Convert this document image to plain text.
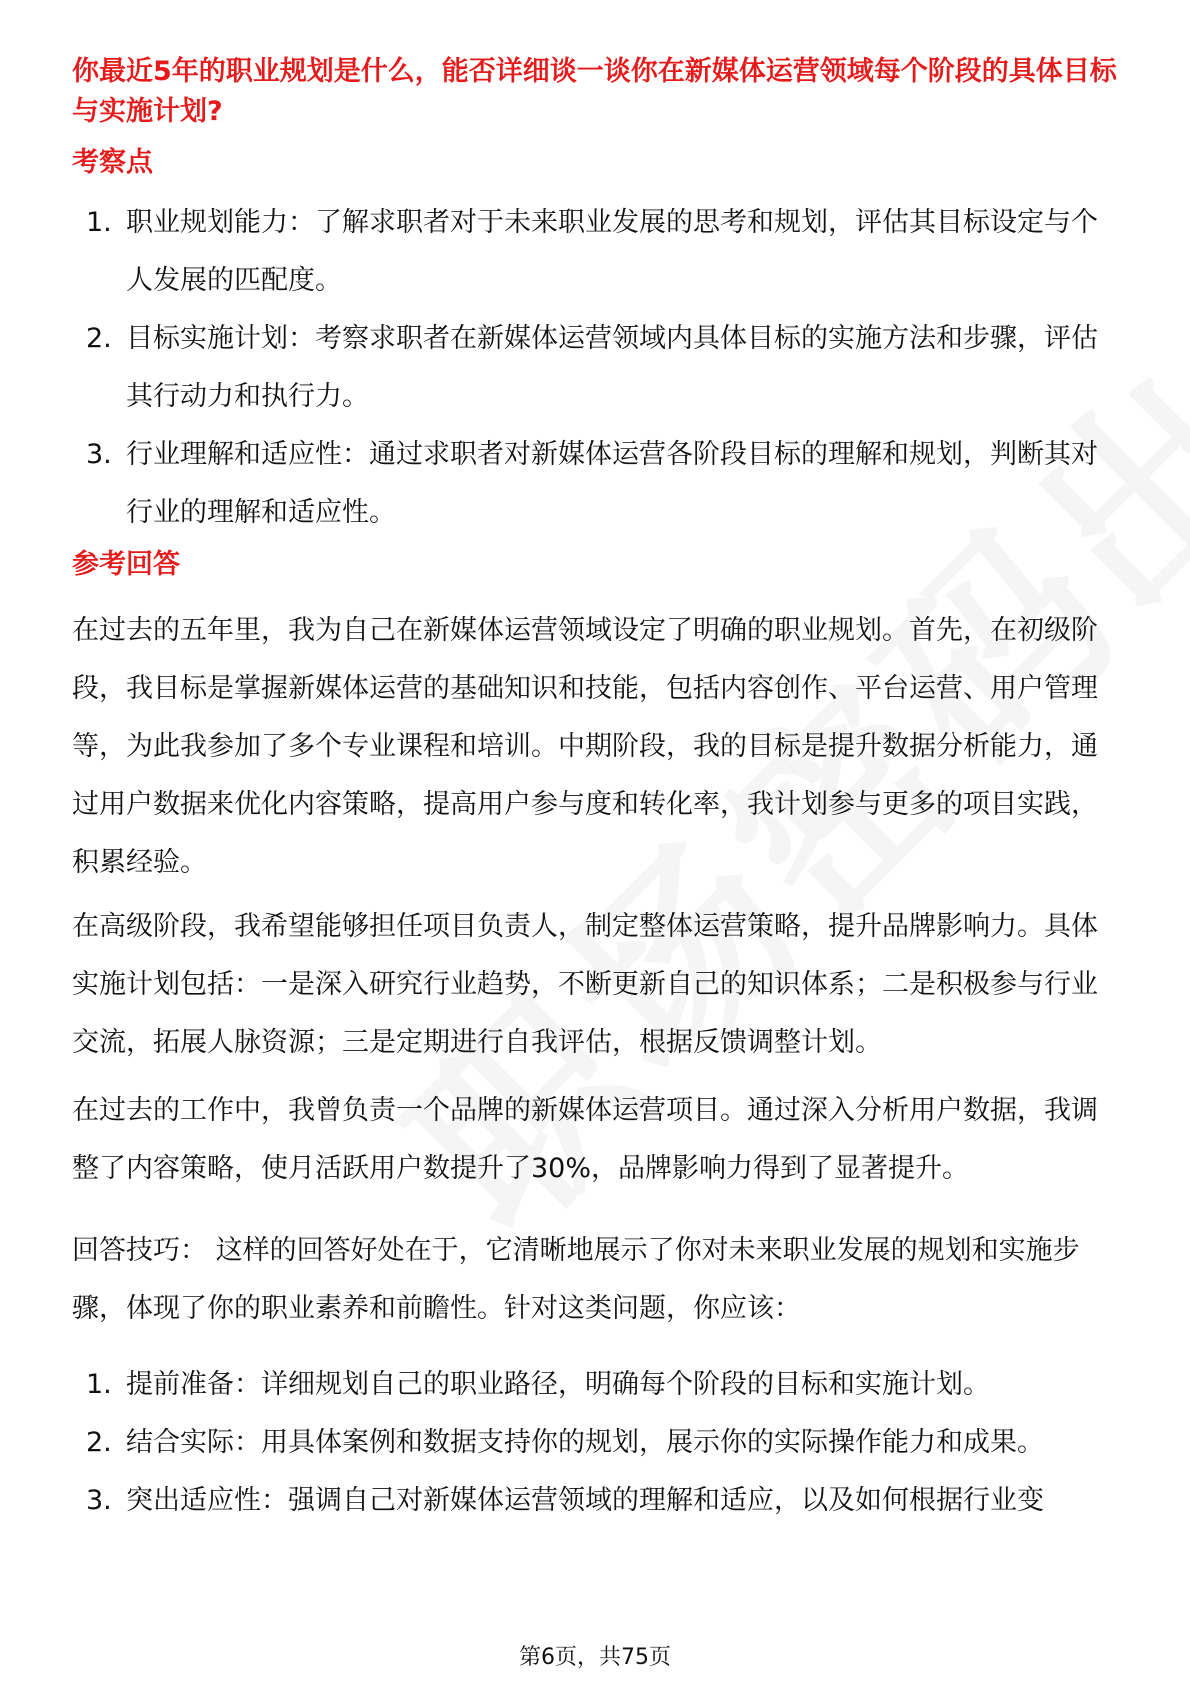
你最近5年的职业规划是什么，能否详细谈一谈你在新媒体运营领域每个阶段的具体目标与实施计划?
考察点
1. 职业规划能力：了解求职者对于未来职业发展的思考和规划，评估其目标设定与个人发展的匹配度。
2. 目标实施计划：考察求职者在新媒体运营领域内具体目标的实施方法和步骤，评估其行动力和执行力。
3. 行业理解和适应性：通过求职者对新媒体运营各阶段目标的理解和规划，判断其对行业的理解和适应性。
参考回答
在过去的五年里，我为自己在新媒体运营领域设定了明确的职业规划。首先，在初级阶段，我目标是掌握新媒体运营的基础知识和技能，包括内容创作、平台运营、用户管理等，为此我参加了多个专业课程和培训。中期阶段，我的目标是提升数据分析能力，通过用户数据来优化内容策略，提高用户参与度和转化率，我计划参与更多的项目实践，积累经验。
在高级阶段，我希望能够担任项目负责人，制定整体运营策略，提升品牌影响力。具体实施计划包括：一是深入研究行业趋势，不断更新自己的知识体系；二是积极参与行业交流，拓展人脉资源；三是定期进行自我评估，根据反馈调整计划。
在过去的工作中，我曾负责一个品牌的新媒体运营项目。通过深入分析用户数据，我调整了内容策略，使月活跃用户数提升了30%，品牌影响力得到了显著提升。
回答技巧： 这样的回答好处在于，它清晰地展示了你对未来职业发展的规划和实施步骤，体现了你的职业素养和前瞻性。针对这类问题，你应该：
1. 提前准备：详细规划自己的职业路径，明确每个阶段的目标和实施计划。
2. 结合实际：用具体案例和数据支持你的规划，展示你的实际操作能力和成果。
3. 突出适应性：强调自己对新媒体运营领域的理解和适应，以及如何根据行业变
第6页，共75页
